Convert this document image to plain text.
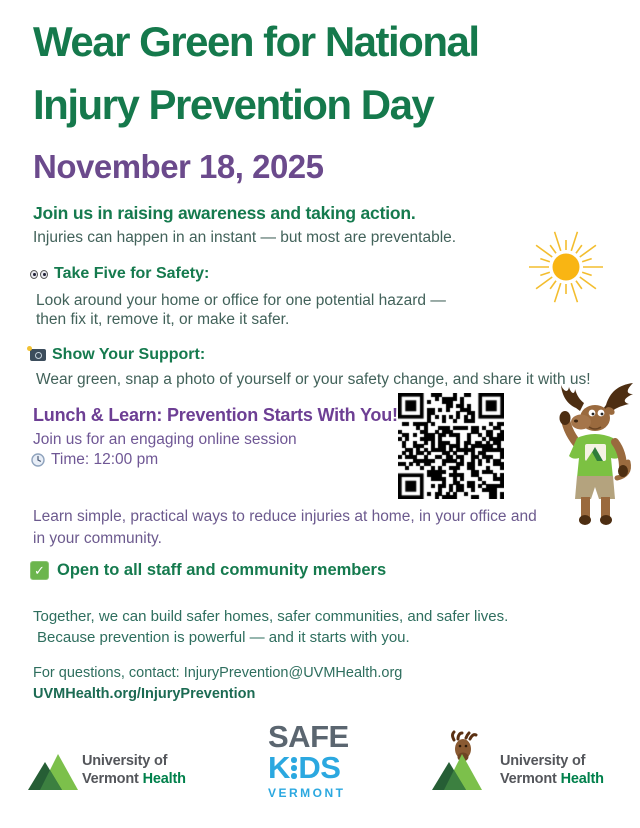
Wear Green for National
Injury Prevention Day
November 18, 2025
Join us in raising awareness and taking action.
Injuries can happen in an instant — but most are preventable.
Take Five for Safety:
Look around your home or office for one potential hazard —
then fix it, remove it, or make it safer.
Show Your Support:
Wear green, snap a photo of yourself or your safety change, and share it with us!
Lunch & Learn: Prevention Starts With You!
Join us for an engaging online session
Time: 12:00 pm
Learn simple, practical ways to reduce injuries at home, in your office and in your community.
✓ Open to all staff and community members
Together, we can build safer homes, safer communities, and safer lives.
Because prevention is powerful — and it starts with you.
For questions, contact: InjuryPrevention@UVMHealth.org
UVMHealth.org/InjuryPrevention
University of
Vermont Health
SAFE
K DS
VERMONT
University of
Vermont Health
